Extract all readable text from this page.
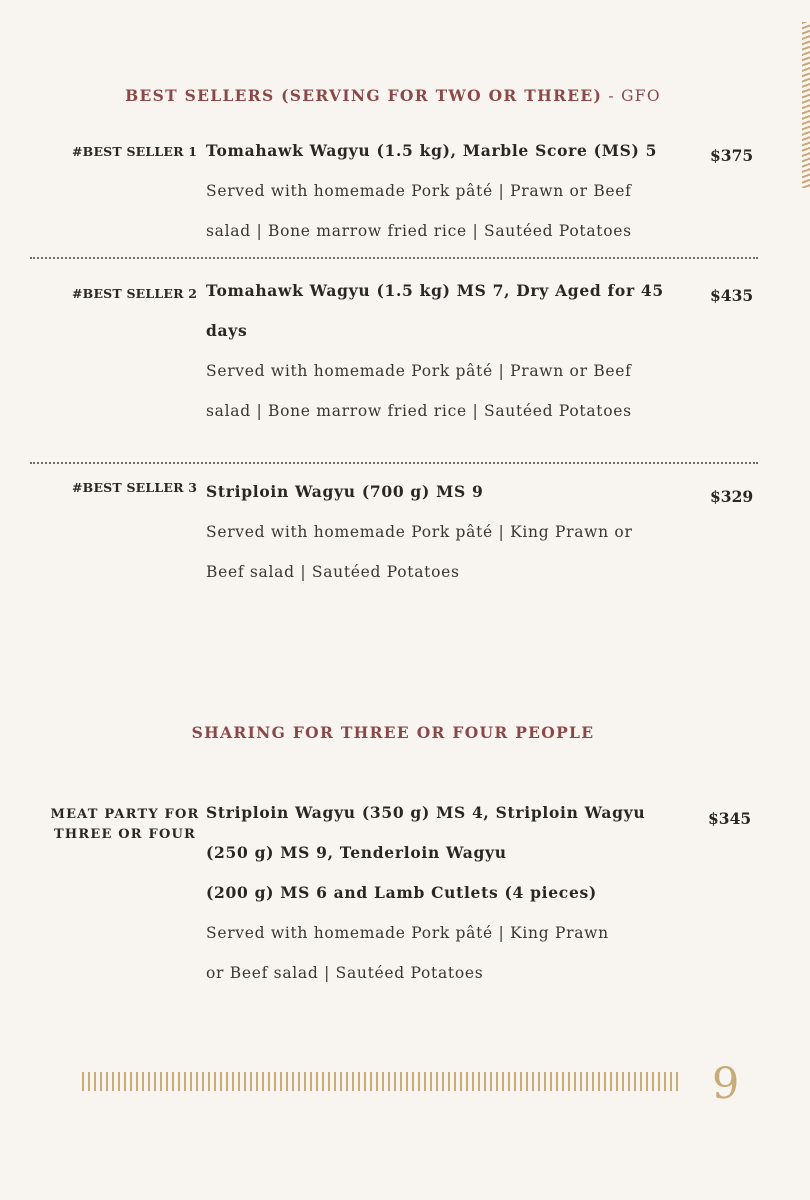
BEST SELLERS (SERVING FOR TWO OR THREE) - GFO
#BEST SELLER 1 Tomahawk Wagyu (1.5 kg), Marble Score (MS) 5
Served with homemade Pork pâté | Prawn or Beef
salad | Bone marrow fried rice | Sautéed Potatoes
$375
#BEST SELLER 2 Tomahawk Wagyu (1.5 kg) MS 7, Dry Aged for 45
days
Served with homemade Pork pâté | Prawn or Beef
salad | Bone marrow fried rice | Sautéed Potatoes
$435
#BEST SELLER 3 Striploin Wagyu (700 g) MS 9
Served with homemade Pork pâté | King Prawn or
Beef salad | Sautéed Potatoes
$329
SHARING FOR THREE OR FOUR PEOPLE
MEAT PARTY FOR
THREE OR FOUR
Striploin Wagyu (350 g) MS 4, Striploin Wagyu
(250 g) MS 9, Tenderloin Wagyu
(200 g) MS 6 and Lamb Cutlets (4 pieces)
Served with homemade Pork pâté | King Prawn
or Beef salad | Sautéed Potatoes
$345
9
